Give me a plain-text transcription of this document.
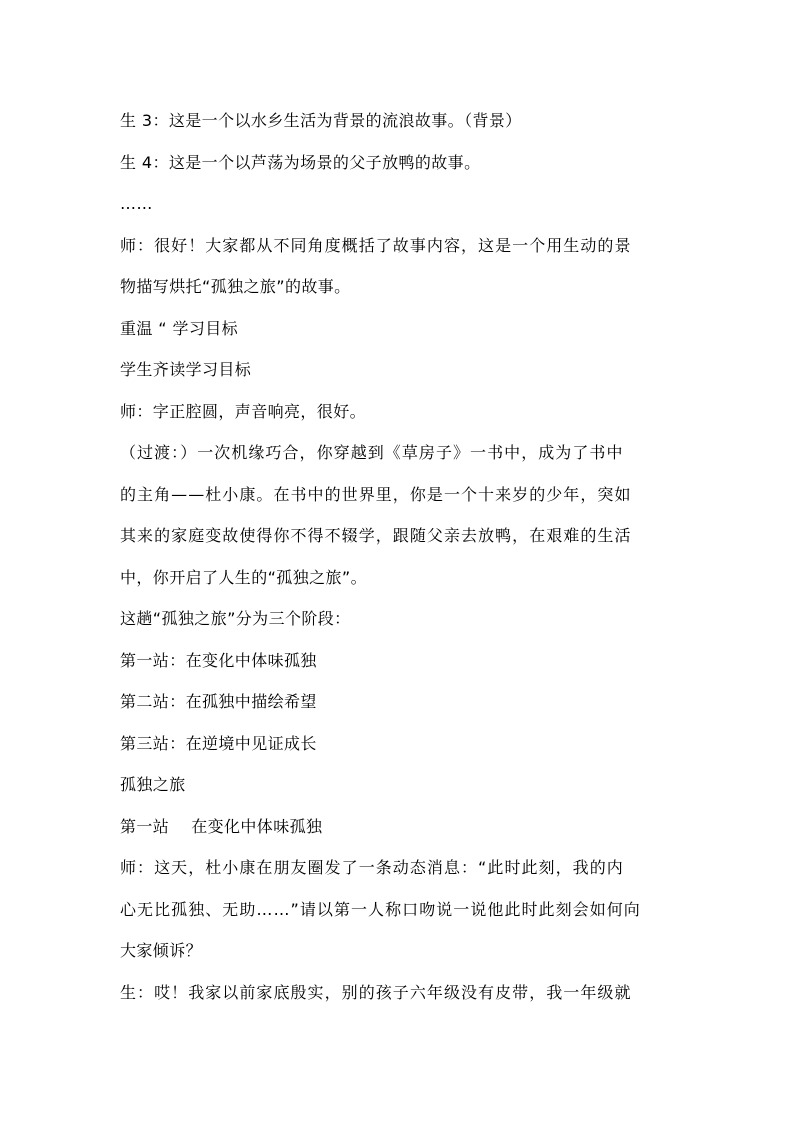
生 3：这是一个以水乡生活为背景的流浪故事。（背景）
生 4：这是一个以芦荡为场景的父子放鸭的故事。
……
师：很好！大家都从不同角度概括了故事内容，这是一个用生动的景
物描写烘托“孤独之旅”的故事。
重温 “ 学习目标
学生齐读学习目标
师：字正腔圆，声音响亮，很好。
（过渡：）一次机缘巧合，你穿越到《草房子》一书中，成为了书中
的主角——杜小康。在书中的世界里，你是一个十来岁的少年，突如
其来的家庭变故使得你不得不辍学，跟随父亲去放鸭，在艰难的生活
中，你开启了人生的“孤独之旅”。
这趟“孤独之旅”分为三个阶段：
第一站：在变化中体味孤独
第二站：在孤独中描绘希望
第三站：在逆境中见证成长
孤独之旅
第一站 在变化中体味孤独
师：这天，杜小康在朋友圈发了一条动态消息：“此时此刻，我的内
心无比孤独、无助……”请以第一人称口吻说一说他此时此刻会如何向
大家倾诉？
生：哎！我家以前家底殷实，别的孩子六年级没有皮带，我一年级就
